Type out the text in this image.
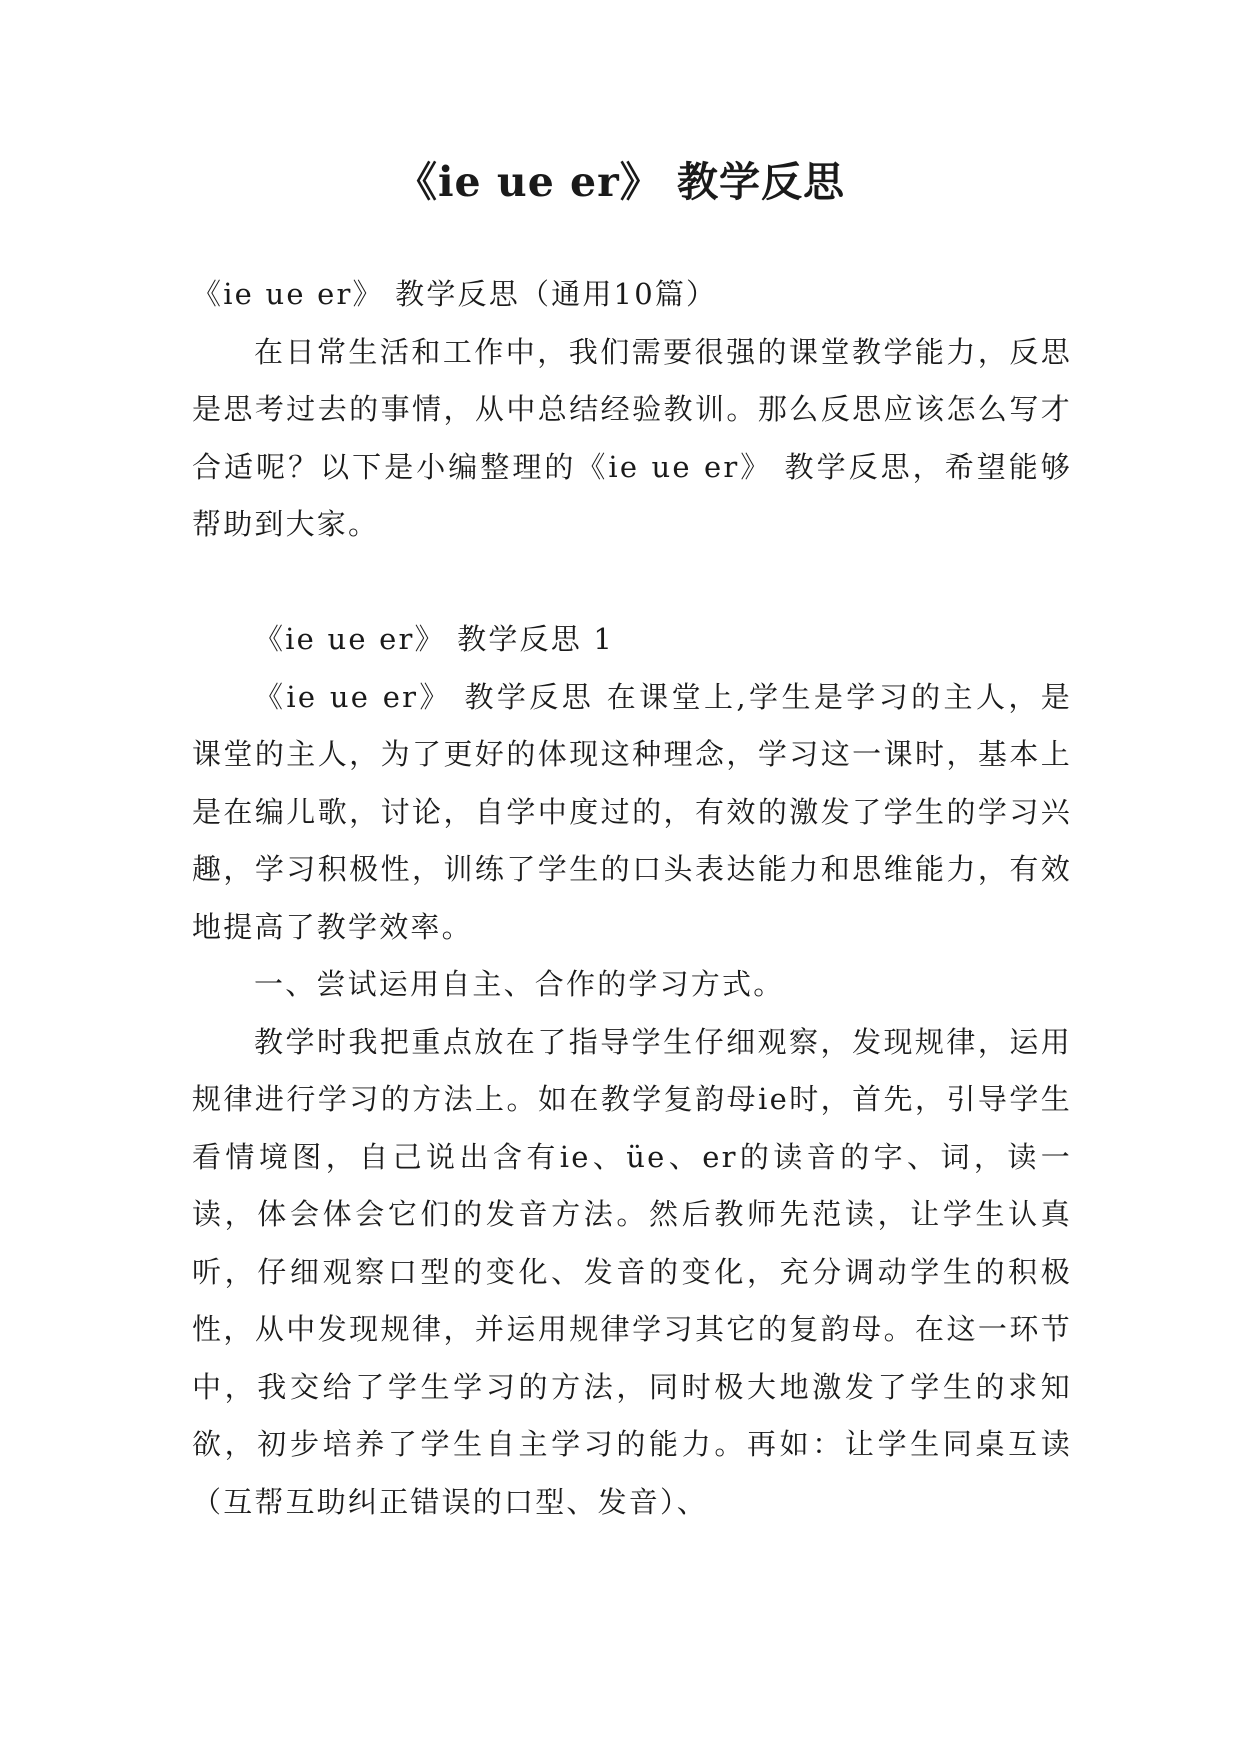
《ie ue er》 教学反思

《ie ue er》 教学反思（通用10篇）

在日常生活和工作中，我们需要很强的课堂教学能力，反思是思考过去的事情，从中总结经验教训。那么反思应该怎么写才合适呢？以下是小编整理的《ie ue er》 教学反思，希望能够帮助到大家。

《ie ue er》 教学反思 1

《ie ue er》 教学反思 在课堂上,学生是学习的主人，是课堂的主人，为了更好的体现这种理念，学习这一课时，基本上是在编儿歌，讨论，自学中度过的，有效的激发了学生的学习兴趣，学习积极性，训练了学生的口头表达能力和思维能力，有效地提高了教学效率。

一、尝试运用自主、合作的学习方式。

教学时我把重点放在了指导学生仔细观察，发现规律，运用规律进行学习的方法上。如在教学复韵母ie时，首先，引导学生看情境图，自己说出含有ie、üe、er的读音的字、词，读一读，体会体会它们的发音方法。然后教师先范读，让学生认真听，仔细观察口型的变化、发音的变化，充分调动学生的积极性，从中发现规律，并运用规律学习其它的复韵母。在这一环节中，我交给了学生学习的方法，同时极大地激发了学生的求知欲，初步培养了学生自主学习的能力。再如：让学生同桌互读（互帮互助纠正错误的口型、发音）、
